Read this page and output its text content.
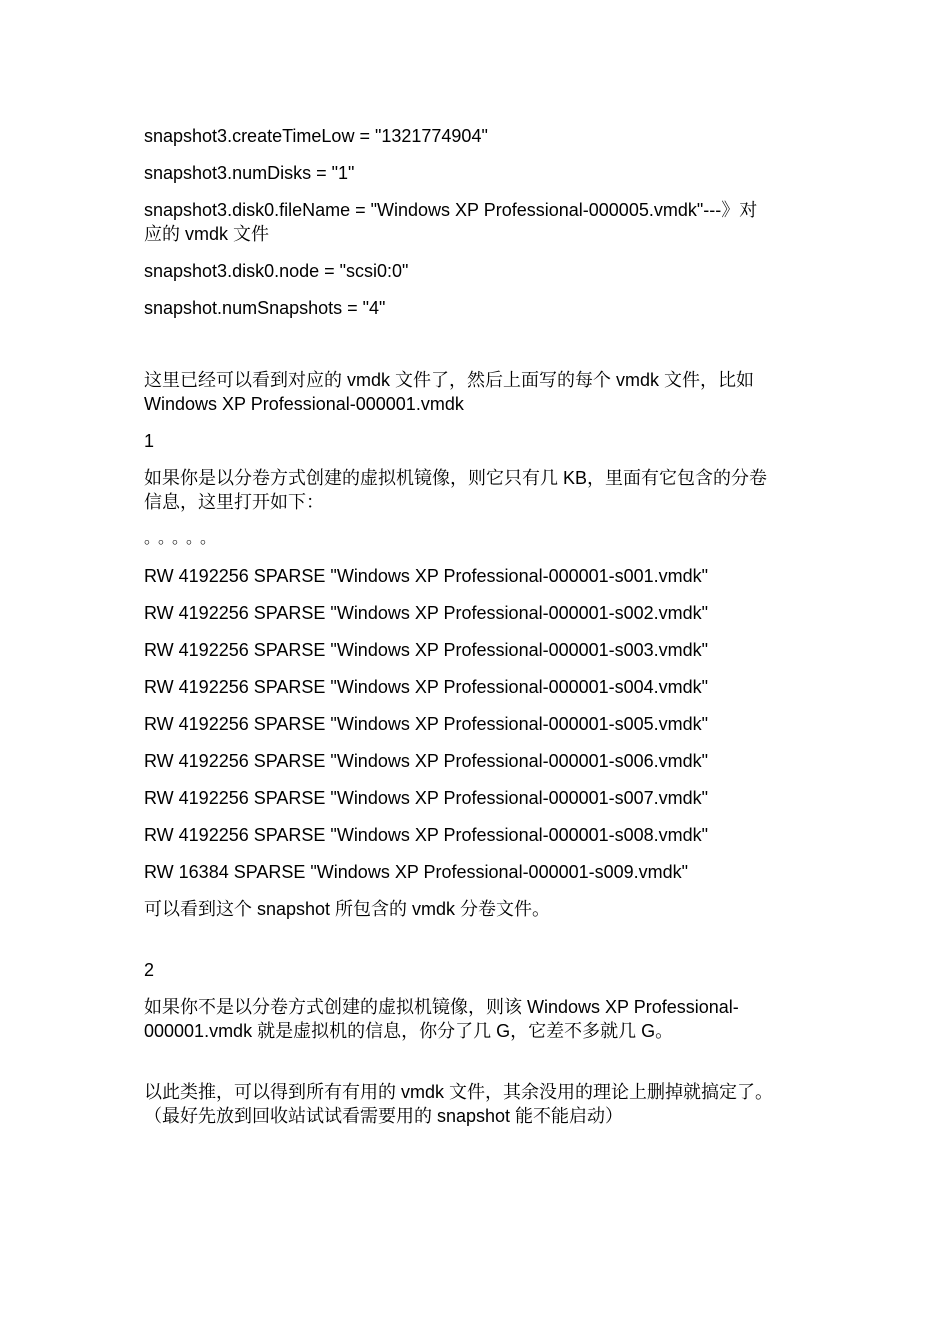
snapshot3.createTimeLow = "1321774904"
snapshot3.numDisks = "1"
snapshot3.disk0.fileName = "Windows XP Professional-000005.vmdk"---》对
应的 vmdk 文件
snapshot3.disk0.node = "scsi0:0"
snapshot.numSnapshots = "4"
这里已经可以看到对应的 vmdk 文件了，然后上面写的每个 vmdk 文件，比如
Windows XP Professional-000001.vmdk
1
如果你是以分卷方式创建的虚拟机镜像，则它只有几 KB，里面有它包含的分卷
信息，这里打开如下：
。。。。。
RW 4192256 SPARSE "Windows XP Professional-000001-s001.vmdk"
RW 4192256 SPARSE "Windows XP Professional-000001-s002.vmdk"
RW 4192256 SPARSE "Windows XP Professional-000001-s003.vmdk"
RW 4192256 SPARSE "Windows XP Professional-000001-s004.vmdk"
RW 4192256 SPARSE "Windows XP Professional-000001-s005.vmdk"
RW 4192256 SPARSE "Windows XP Professional-000001-s006.vmdk"
RW 4192256 SPARSE "Windows XP Professional-000001-s007.vmdk"
RW 4192256 SPARSE "Windows XP Professional-000001-s008.vmdk"
RW 16384 SPARSE "Windows XP Professional-000001-s009.vmdk"
可以看到这个 snapshot 所包含的 vmdk 分卷文件。
2
如果你不是以分卷方式创建的虚拟机镜像，则该 Windows XP Professional-
000001.vmdk 就是虚拟机的信息，你分了几 G，它差不多就几 G。
以此类推，可以得到所有有用的 vmdk 文件，其余没用的理论上删掉就搞定了。
（最好先放到回收站试试看需要用的 snapshot 能不能启动）
